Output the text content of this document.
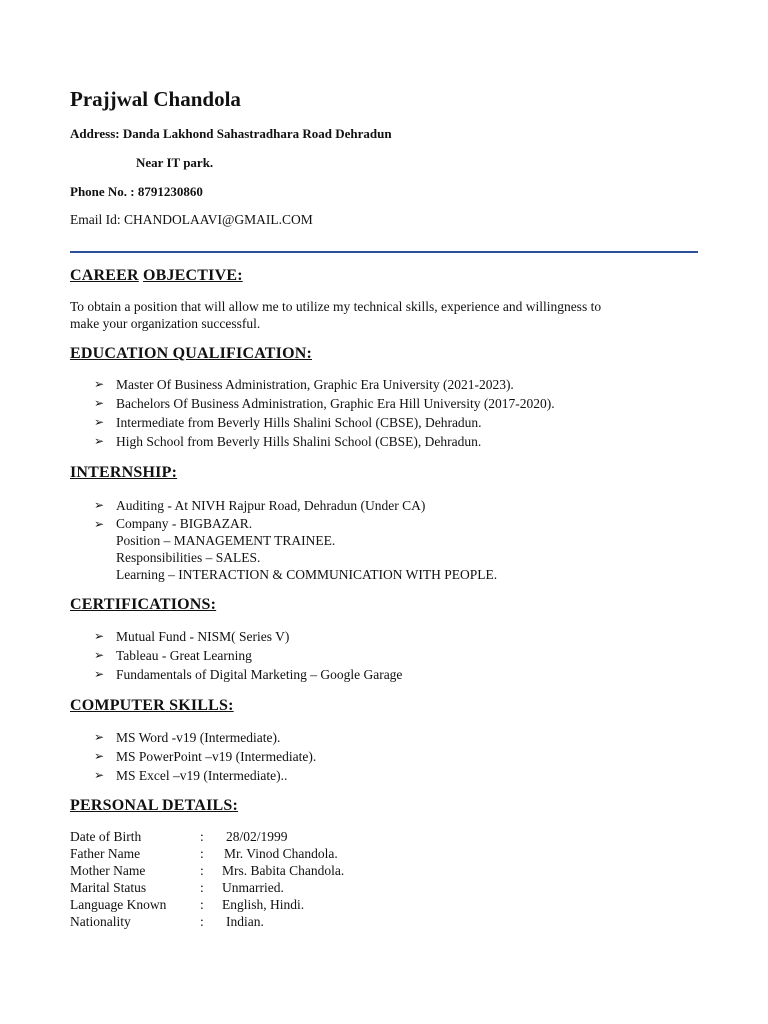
Prajjwal Chandola
Address: Danda Lakhond Sahastradhara Road Dehradun
Near IT park.
Phone No. : 8791230860
Email Id: CHANDOLAAVI@GMAIL.COM
CAREER OBJECTIVE:
To obtain a position that will allow me to utilize my technical skills, experience and willingness to
make your organization successful.
EDUCATION QUALIFICATION:
➢ Master Of Business Administration, Graphic Era University (2021-2023).
➢ Bachelors Of Business Administration, Graphic Era Hill University (2017-2020).
➢ Intermediate from Beverly Hills Shalini School (CBSE), Dehradun.
➢ High School from Beverly Hills Shalini School (CBSE), Dehradun.
INTERNSHIP:
➢ Auditing - At NIVH Rajpur Road, Dehradun (Under CA)
➢ Company - BIGBAZAR.
Position – MANAGEMENT TRAINEE.
Responsibilities – SALES.
Learning – INTERACTION & COMMUNICATION WITH PEOPLE.
CERTIFICATIONS:
➢ Mutual Fund - NISM( Series V)
➢ Tableau - Great Learning
➢ Fundamentals of Digital Marketing – Google Garage
COMPUTER SKILLS:
➢ MS Word -v19 (Intermediate).
➢ MS PowerPoint –v19 (Intermediate).
➢ MS Excel –v19 (Intermediate)..
PERSONAL DETAILS:
Date of Birth	: 28/02/1999
Father Name	: Mr. Vinod Chandola.
Mother Name	: Mrs. Babita Chandola.
Marital Status	: Unmarried.
Language Known : English, Hindi.
Nationality	: Indian.
